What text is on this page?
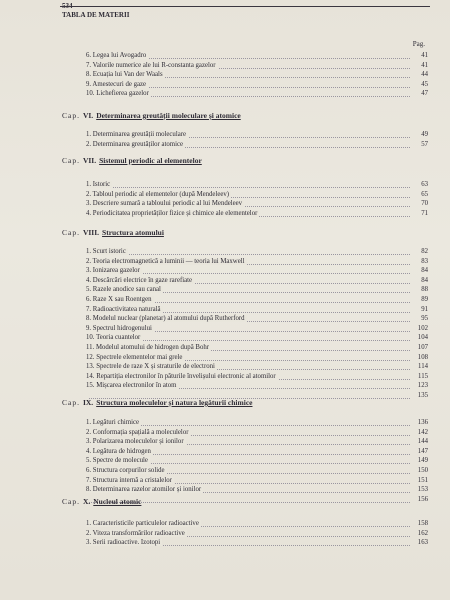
534
TABLA DE MATERII
Pag.
6. Legea lui Avogadro	41
7. Valorile numerice ale lui R-constanta gazelor	41
8. Ecuația lui Van der Waals	44
9. Amestecuri de gaze	45
10. Lichefierea gazelor	47
Cap. VI. Determinarea greutății moleculare și atomice
1. Determinarea greutății moleculare	49
2. Determinarea greutăților atomice	57
Cap. VII. Sistemul periodic al elementelor
1. Istoric	63
2. Tabloul periodic al elementelor (după Mendeleev)	65
3. Descriere sumară a tabloului periodic al lui Mendeleev	70
4. Periodicitatea proprietăților fizice și chimice ale elementelor	71
Cap. VIII. Structura atomului
1. Scurt istoric	82
2. Teoria electromagnetică a luminii — teoria lui Maxwell	83
3. Ionizarea gazelor	84
4. Descărcări electrice în gaze rarefiate	84
5. Razele anodice sau canal	88
6. Raze X sau Roentgen	89
7. Radioactivitatea naturală	91
8. Modelul nuclear (planetar) al atomului după Rutherford	95
9. Spectrul hidrogenului	102
10. Teoria cuantelor	104
11. Modelul atomului de hidrogen după Bohr	107
12. Spectrele elementelor mai grele	108
13. Spectrele de raze X și straturile de electroni	114
14. Repartiția electronilor în păturile învelișului electronic al atomilor	115
15. Mișcarea electronilor în atom	123
135
Cap. IX. Structura moleculelor și natura legăturii chimice
1. Legături chimice	136
2. Conformația spațială a moleculelor	142
3. Polarizarea moleculelor și ionilor	144
4. Legătura de hidrogen	147
5. Spectre de molecule	149
6. Structura corpurilor solide	150
7. Structura internă a cristalelor	151
8. Determinarea razelor atomilor și ionilor	153
156
Cap. X. Nucleul atomic
1. Caracteristicile particulelor radioactive	158
2. Viteza transformărilor radioactive	162
3. Serii radioactive. Izotopi	163
